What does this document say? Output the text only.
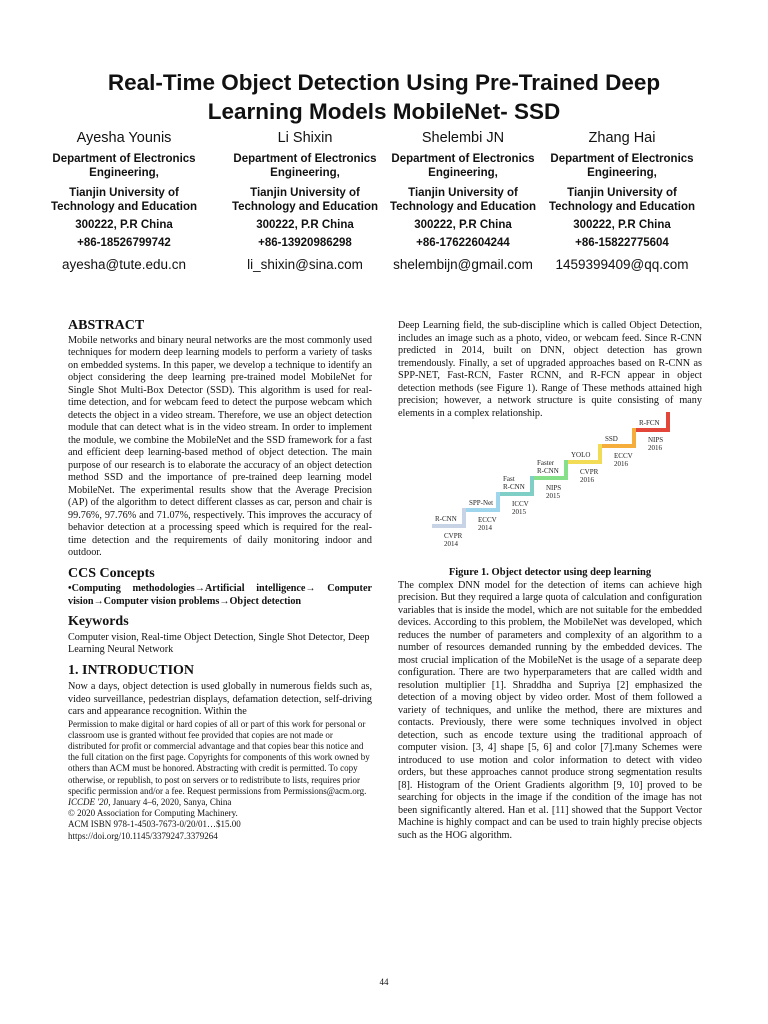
Real-Time Object Detection Using Pre-Trained Deep
Learning Models MobileNet- SSD
Ayesha Younis
Department of Electronics Engineering,
Tianjin University of Technology and Education
300222, P.R China
+86-18526799742
ayesha@tute.edu.cn
Li Shixin
Department of Electronics Engineering,
Tianjin University of Technology and Education
300222, P.R China
+86-13920986298
li_shixin@sina.com
Shelembi JN
Department of Electronics Engineering,
Tianjin University of Technology and Education
300222, P.R China
+86-17622604244
shelembijn@gmail.com
Zhang Hai
Department of Electronics Engineering,
Tianjin University of Technology and Education
300222, P.R China
+86-15822775604
1459399409@qq.com
ABSTRACT

Mobile networks and binary neural networks are the most commonly used techniques for modern deep learning models to perform a variety of tasks on embedded systems. In this paper, we develop a technique to identify an object considering the deep learning pre-trained model MobileNet for Single Shot Multi-Box Detector (SSD). This algorithm is used for real-time detection, and for webcam feed to detect the purpose webcam which detects the object in a video stream. Therefore, we use an object detection module that can detect what is in the video stream. In order to implement the module, we combine the MobileNet and the SSD framework for a fast and efficient deep learning-based method of object detection. The main purpose of our research is to elaborate the accuracy of an object detection method SSD and the importance of pre-trained deep learning model MobileNet. The experimental results show that the Average Precision (AP) of the algorithm to detect different classes as car, person and chair is 99.76%, 97.76% and 71.07%, respectively. This improves the accuracy of behavior detection at a processing speed which is required for the real-time detection and the requirements of daily monitoring indoor and outdoor.

CCS Concepts

•Computing methodologies→Artificial intelligence→ Computer vision→Computer vision problems→Object detection

Keywords

Computer vision, Real-time Object Detection, Single Shot Detector, Deep Learning Neural Network

1. INTRODUCTION

Now a days, object detection is used globally in numerous fields such as, video surveillance, pedestrian displays, defamation detection, self-driving cars and appearance recognition. Within the

Permission to make digital or hard copies of all or part of this work for personal or classroom use is granted without fee provided that copies are not made or distributed for profit or commercial advantage and that copies bear this notice and the full citation on the first page. Copyrights for components of this work owned by others than ACM must be honored. Abstracting with credit is permitted. To copy otherwise, or republish, to post on servers or to redistribute to lists, requires prior specific permission and/or a fee. Request permissions from Permissions@acm.org.

ICCDE '20, January 4–6, 2020, Sanya, China

© 2020 Association for Computing Machinery.

ACM ISBN 978-1-4503-7673-0/20/01…$15.00

https://doi.org/10.1145/3379247.3379264

Deep Learning field, the sub-discipline which is called Object Detection, includes an image such as a photo, video, or webcam feed. Since R-CNN predicted in 2014, built on DNN, object detection has grown tremendously. Finally, a set of upgraded approaches based on R-CNN as SPP-NET, Fast-RCN, Faster RCNN, and R-FCN appear in object detection methods (see Figure 1). Range of These methods attained high precision; however, a network structure is quite consisting of many elements in a complex relationship.

R-CNN
CVPR
2014
SPP-Net
ECCV
2014
Fast
R-CNN
ICCV
2015
Faster
R-CNN
NIPS
2015
YOLO
CVPR
2016
SSD
ECCV
2016
R-FCN
NIPS
2016

Figure 1. Object detector using deep learning

The complex DNN model for the detection of items can achieve high precision. But they required a large quota of calculation and configuration variables that is inside the model, which are not suitable for the embedded devices. According to this problem, the MobileNet was developed, which reduces the number of parameters and complexity of an algorithm to a number of resources demanded running by the embedded devices. The most crucial implication of the MobileNet is the usage of a separate deep configuration. There are two hyperparameters that are called width and resolution multiplier [1]. Shraddha and Supriya [2] emphasized the detection of a moving object by video order. Most of them followed a variety of techniques, and unlike the method, there are mixtures and contacts. Previously, there were some techniques involved in object detection, such as encode texture using the traditional approach of computer vision. [3, 4] shape [5, 6] and color [7].many Schemes were introduced to use motion and color information to detect with video orders, but these approaches cannot produce strong segmentation results [8]. Histogram of the Orient Gradients algorithm [9, 10] proved to be searching for objects in the image if the condition of the image has not been significantly altered. Han et al. [11] showed that the Support Vector Machine is highly compact and can be used to train highly precise objects such as the HOG algorithm.

44
